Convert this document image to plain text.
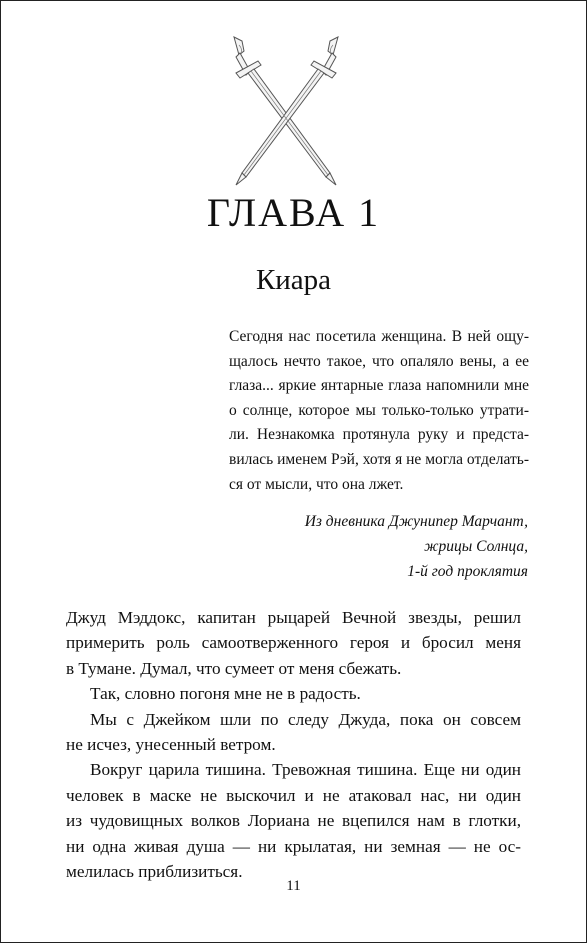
ГЛАВА 1
Киара
Сегодня нас посетила женщина. В ней ощу-
щалось нечто такое, что опаляло вены, а ее
глаза... яркие янтарные глаза напомнили мне
о солнце, которое мы только-только утрати-
ли. Незнакомка протянула руку и предста-
вилась именем Рэй, хотя я не могла отделать-
ся от мысли, что она лжет.
Из дневника Джунипер Марчант,
жрицы Солнца,
1-й год проклятия
Джуд Мэддокс, капитан рыцарей Вечной звезды, решил
примерить роль самоотверженного героя и бросил меня
в Тумане. Думал, что сумеет от меня сбежать.
Так, словно погоня мне не в радость.
Мы с Джейком шли по следу Джуда, пока он совсем
не исчез, унесенный ветром.
Вокруг царила тишина. Тревожная тишина. Еще ни один
человек в маске не выскочил и не атаковал нас, ни один
из чудовищных волков Лориана не вцепился нам в глотки,
ни одна живая душа — ни крылатая, ни земная — не ос-
мелилась приблизиться.
11
